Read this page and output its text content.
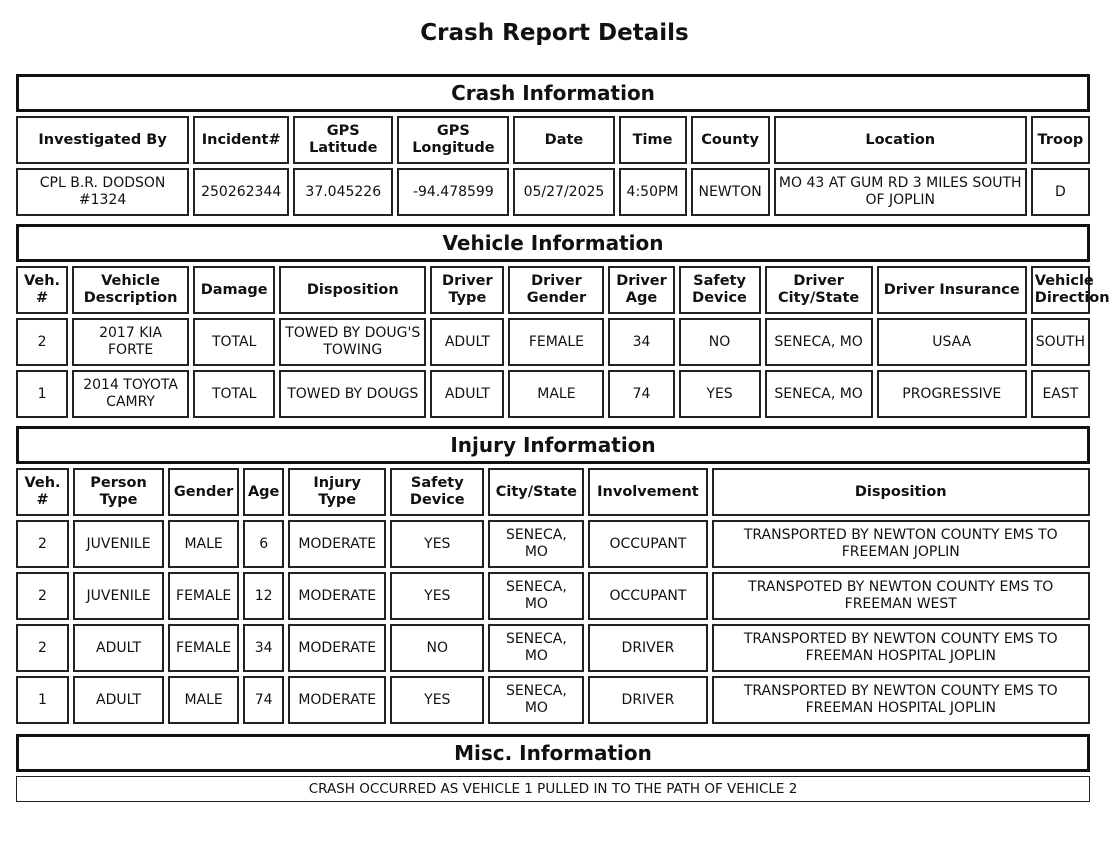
Crash Report Details
Crash Information								
Investigated By	Incident#	GPS Latitude	GPS Longitude	Date	Time	County	Location	Troop
CPL B.R. DODSON #1324	250262344	37.045226	-94.478599	05/27/2025	4:50PM	NEWTON	MO 43 AT GUM RD 3 MILES SOUTH OF JOPLIN	D
Vehicle Information										
Veh. #	Vehicle Description	Damage	Disposition	Driver Type	Driver Gender	Driver Age	Safety Device	Driver City/State	Driver Insurance	Vehicle Direction
2	2017 KIA FORTE	TOTAL	TOWED BY DOUG'S TOWING	ADULT	FEMALE	34	NO	SENECA, MO	USAA	SOUTH
1	2014 TOYOTA CAMRY	TOTAL	TOWED BY DOUGS	ADULT	MALE	74	YES	SENECA, MO	PROGRESSIVE	EAST
Injury Information								
Veh. #	Person Type	Gender	Age	Injury Type	Safety Device	City/State	Involvement	Disposition
2	JUVENILE	MALE	6	MODERATE	YES	SENECA, MO	OCCUPANT	TRANSPORTED BY NEWTON COUNTY EMS TO FREEMAN JOPLIN
2	JUVENILE	FEMALE	12	MODERATE	YES	SENECA, MO	OCCUPANT	TRANSPOTED BY NEWTON COUNTY EMS TO FREEMAN WEST
2	ADULT	FEMALE	34	MODERATE	NO	SENECA, MO	DRIVER	TRANSPORTED BY NEWTON COUNTY EMS TO FREEMAN HOSPITAL JOPLIN
1	ADULT	MALE	74	MODERATE	YES	SENECA, MO	DRIVER	TRANSPORTED BY NEWTON COUNTY EMS TO FREEMAN HOSPITAL JOPLIN
Misc. Information
CRASH OCCURRED AS VEHICLE 1 PULLED IN TO THE PATH OF VEHICLE 2
